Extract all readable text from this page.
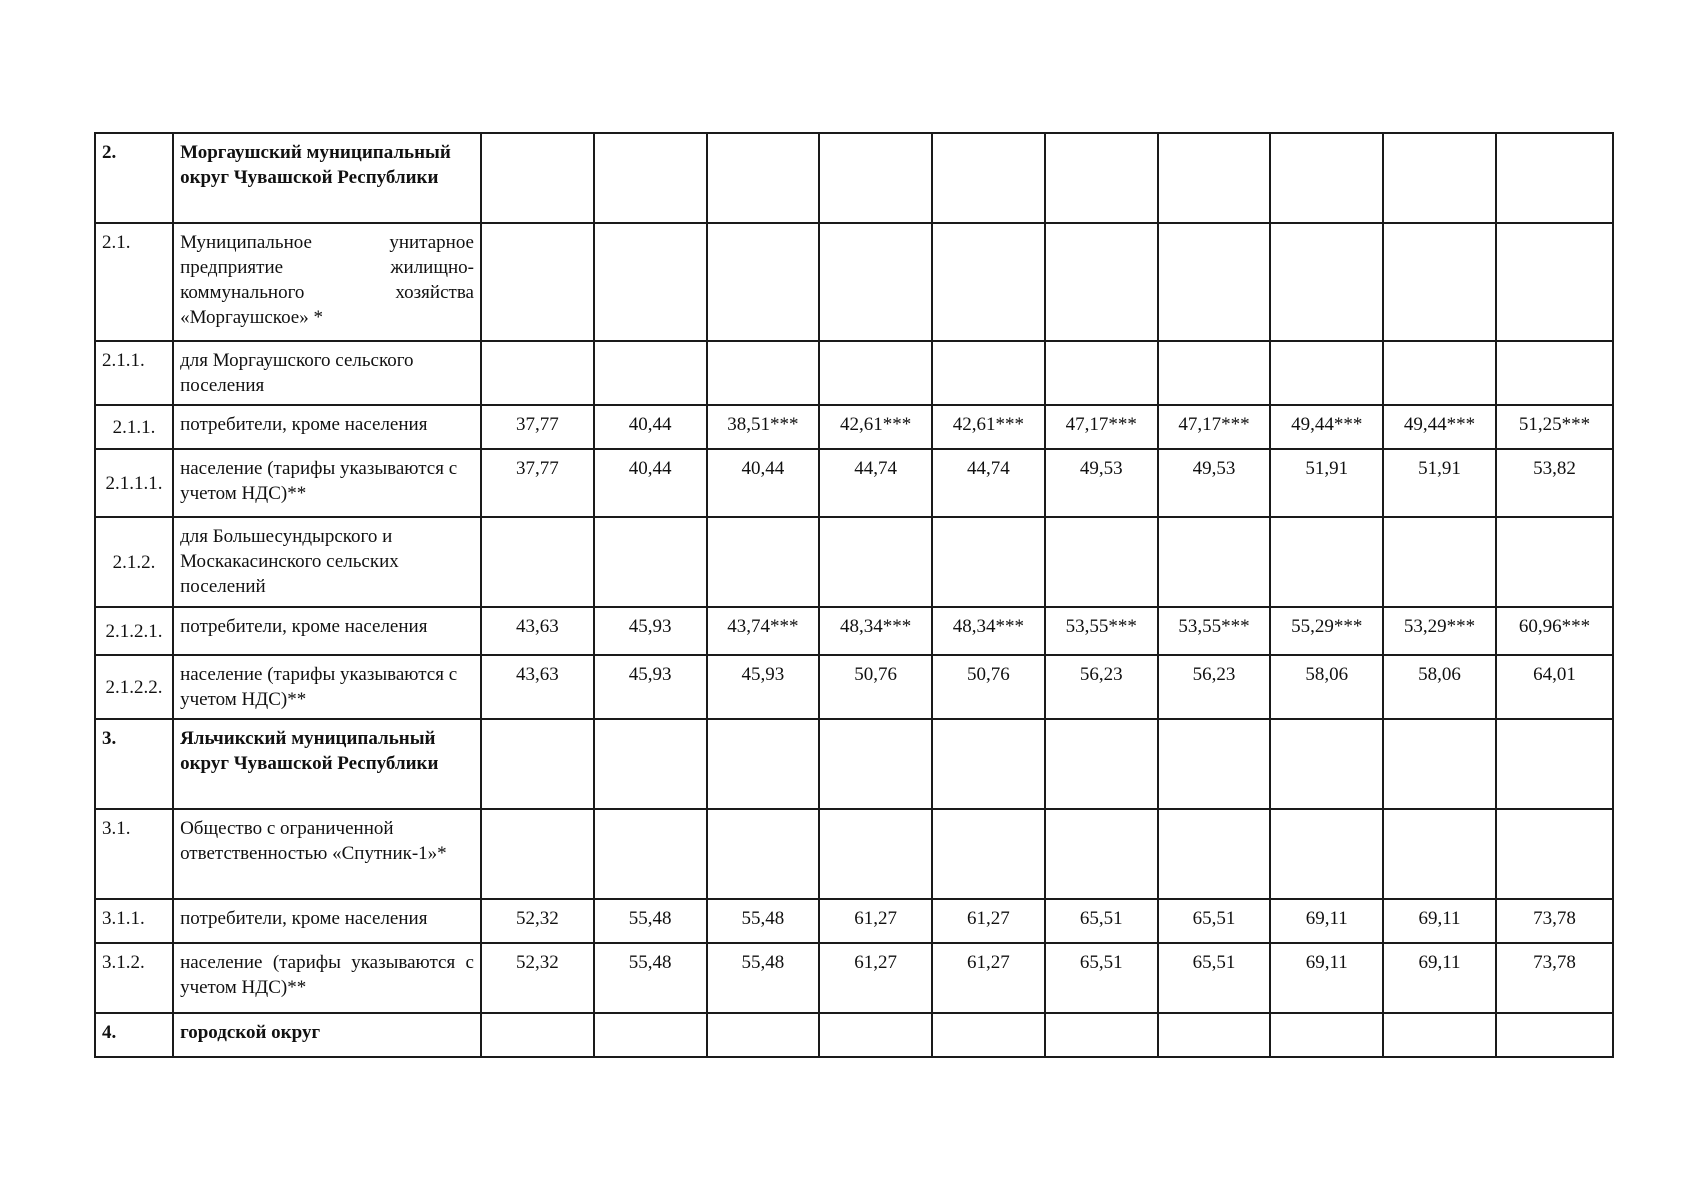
2.	Моргаушский муниципальный округ Чувашской Республики										
2.1.	Муниципальное унитарное предприятие жилищно-коммунального хозяйства «Моргаушское» *										
2.1.1.	для Моргаушского сельского поселения										
2.1.1.	потребители, кроме населения	37,77	40,44	38,51***	42,61***	42,61***	47,17***	47,17***	49,44***	49,44***	51,25***
2.1.1.1.	население (тарифы указываются с учетом НДС)**	37,77	40,44	40,44	44,74	44,74	49,53	49,53	51,91	51,91	53,82
2.1.2.	для Большесундырского и Москакасинского сельских поселений										
2.1.2.1.	потребители, кроме населения	43,63	45,93	43,74***	48,34***	48,34***	53,55***	53,55***	55,29***	53,29***	60,96***
2.1.2.2.	население (тарифы указываются с учетом НДС)**	43,63	45,93	45,93	50,76	50,76	56,23	56,23	58,06	58,06	64,01
3.	Яльчикский муниципальный округ Чувашской Республики										
3.1.	Общество с ограниченной ответственностью «Спутник-1»*										
3.1.1.	потребители, кроме населения	52,32	55,48	55,48	61,27	61,27	65,51	65,51	69,11	69,11	73,78
3.1.2.	население (тарифы указываются с учетом НДС)**	52,32	55,48	55,48	61,27	61,27	65,51	65,51	69,11	69,11	73,78
4.	городской округ										
